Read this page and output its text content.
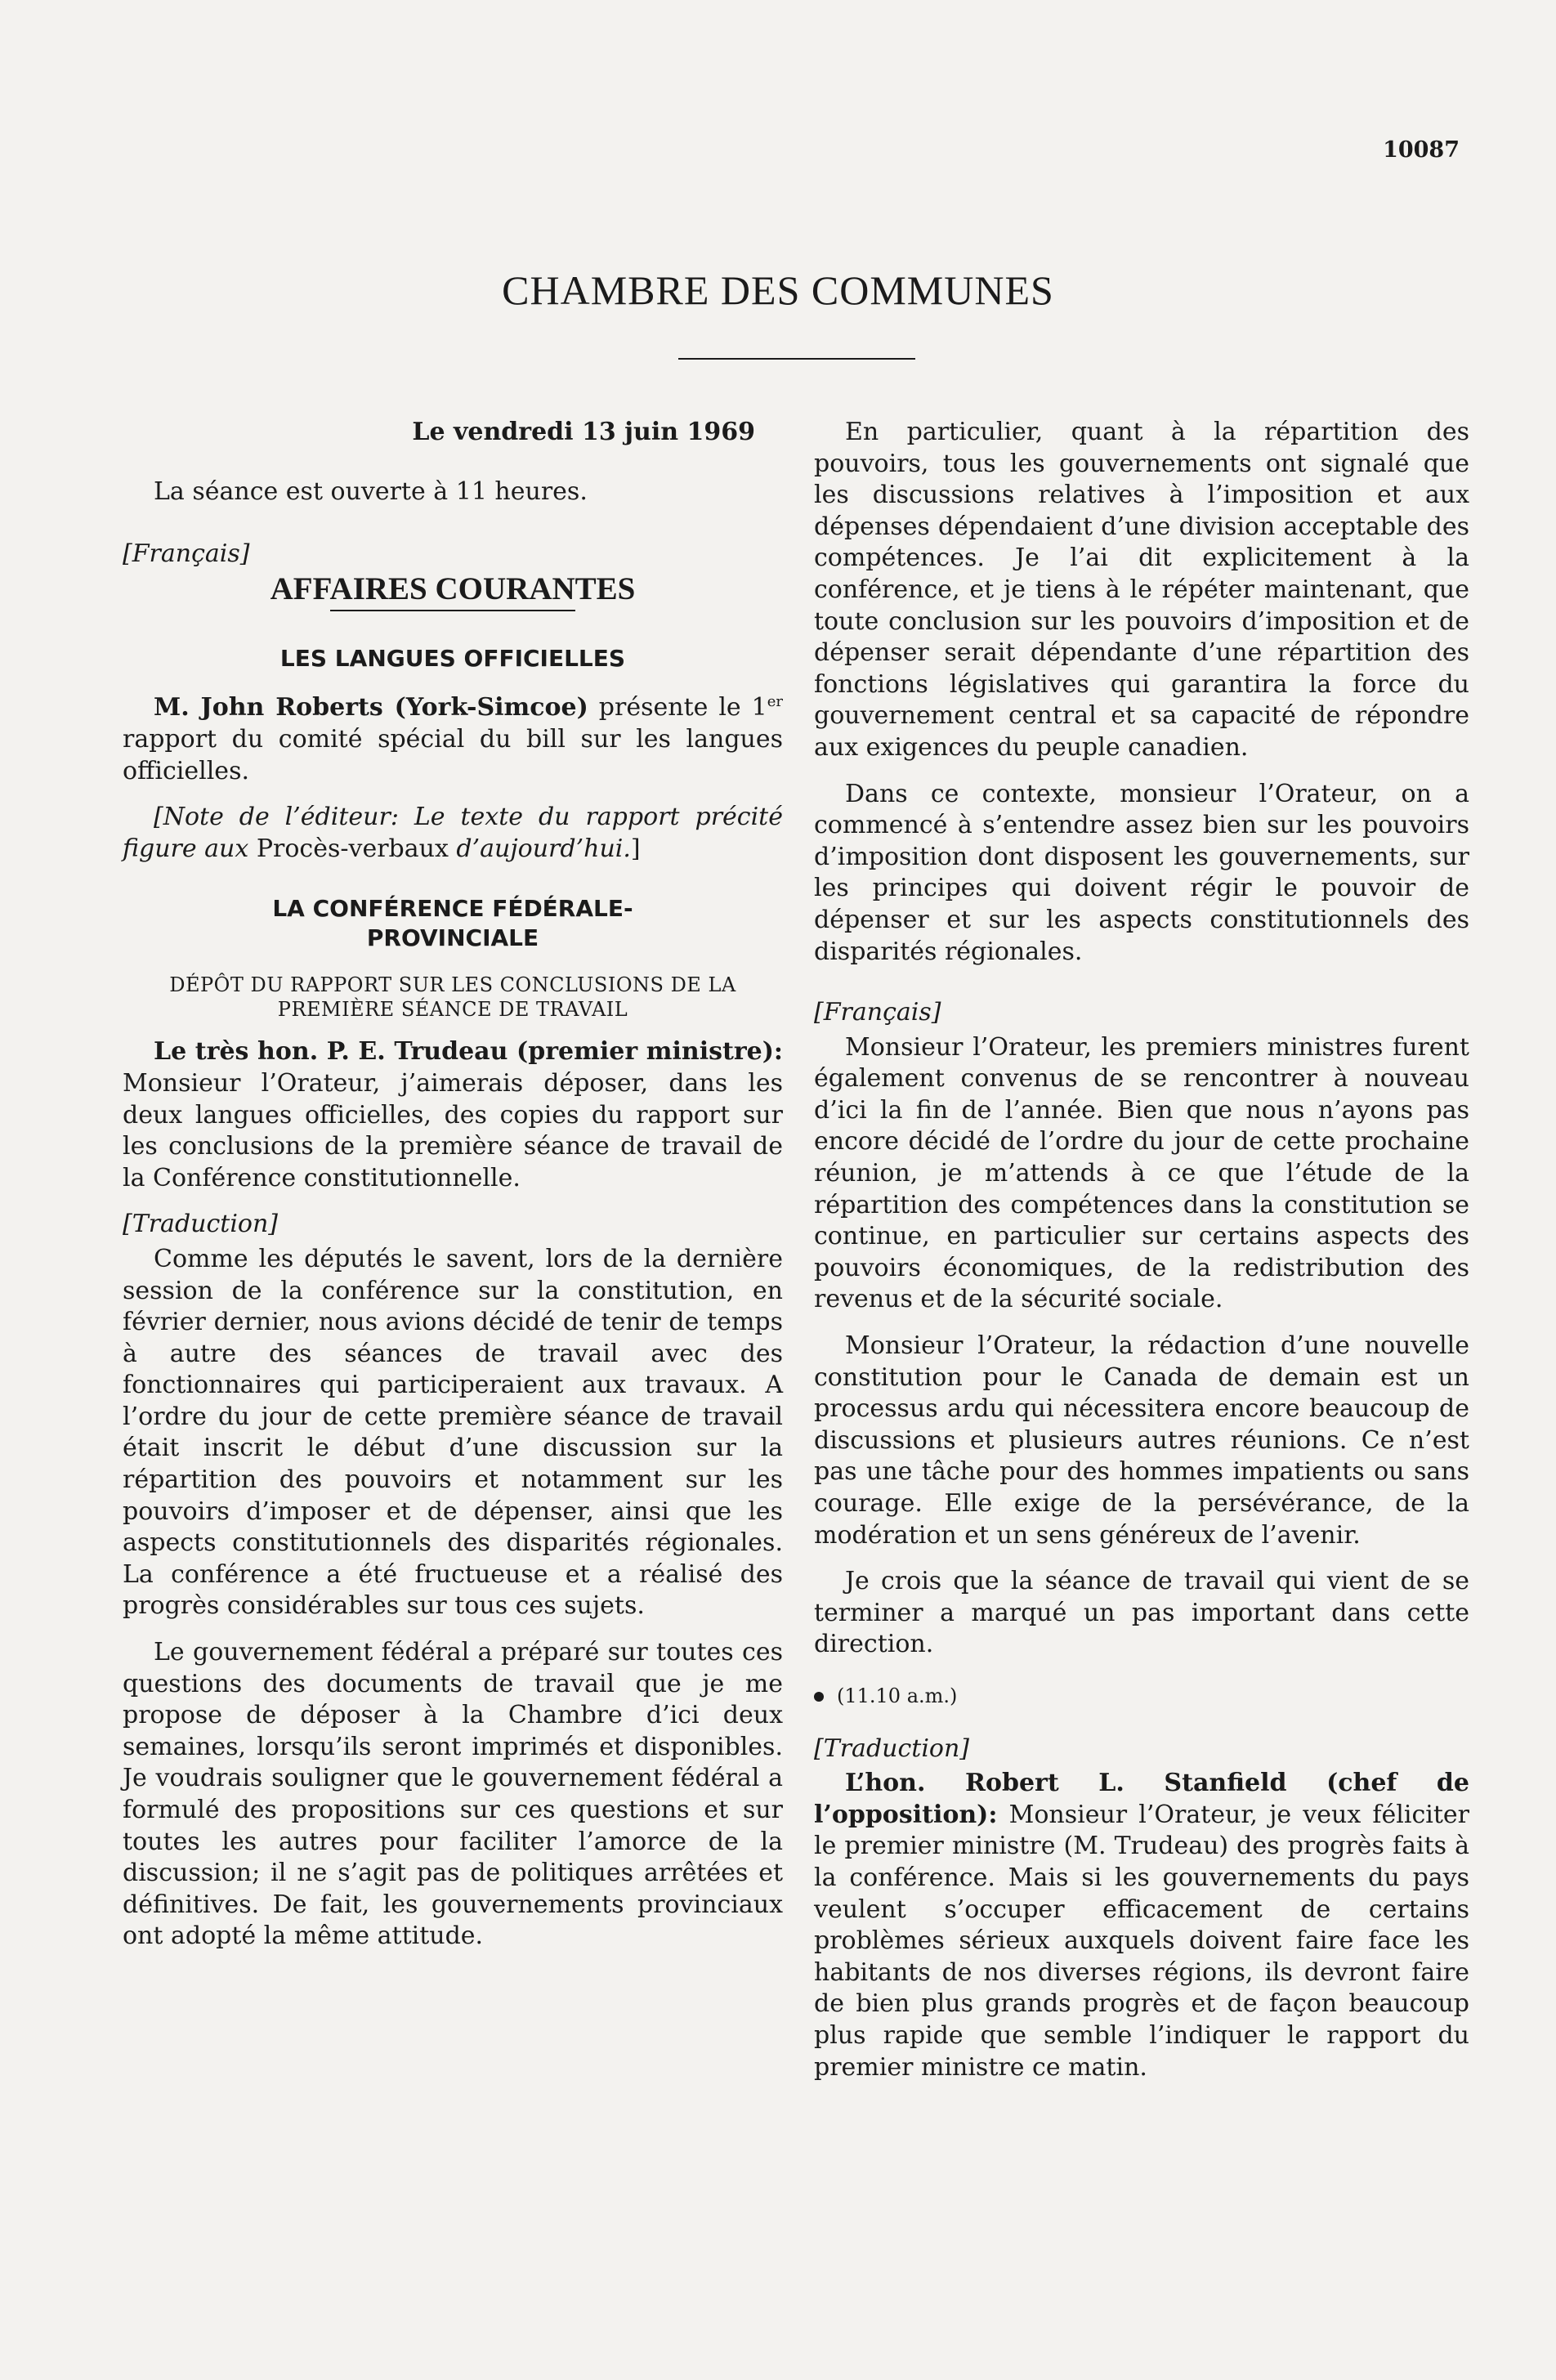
10087
CHAMBRE DES COMMUNES

Le vendredi 13 juin 1969

La séance est ouverte à 11 heures.

[Français]

AFFAIRES COURANTES

LES LANGUES OFFICIELLES

M. John Roberts (York-Simcoe) présente le 1er rapport du comité spécial du bill sur les langues officielles.

[Note de l’éditeur: Le texte du rapport précité figure aux Procès-verbaux d’aujourd’hui.]

LA CONFÉRENCE FÉDÉRALE-PROVINCIALE

DÉPÔT DU RAPPORT SUR LES CONCLUSIONS DE LA PREMIÈRE SÉANCE DE TRAVAIL

Le très hon. P. E. Trudeau (premier ministre): Monsieur l’Orateur, j’aimerais déposer, dans les deux langues officielles, des copies du rapport sur les conclusions de la première séance de travail de la Conférence constitutionnelle.

[Traduction]

Comme les députés le savent, lors de la dernière session de la conférence sur la constitution, en février dernier, nous avions décidé de tenir de temps à autre des séances de travail avec des fonctionnaires qui participeraient aux travaux. A l’ordre du jour de cette première séance de travail était inscrit le début d’une discussion sur la répartition des pouvoirs et notamment sur les pouvoirs d’imposer et de dépenser, ainsi que les aspects constitutionnels des disparités régionales. La conférence a été fructueuse et a réalisé des progrès considérables sur tous ces sujets.

Le gouvernement fédéral a préparé sur toutes ces questions des documents de travail que je me propose de déposer à la Chambre d’ici deux semaines, lorsqu’ils seront imprimés et disponibles. Je voudrais souligner que le gouvernement fédéral a formulé des propositions sur ces questions et sur toutes les autres pour faciliter l’amorce de la discussion; il ne s’agit pas de politiques arrêtées et définitives. De fait, les gouvernements provinciaux ont adopté la même attitude.

En particulier, quant à la répartition des pouvoirs, tous les gouvernements ont signalé que les discussions relatives à l’imposition et aux dépenses dépendaient d’une division acceptable des compétences. Je l’ai dit explicitement à la conférence, et je tiens à le répéter maintenant, que toute conclusion sur les pouvoirs d’imposition et de dépenser serait dépendante d’une répartition des fonctions législatives qui garantira la force du gouvernement central et sa capacité de répondre aux exigences du peuple canadien.

Dans ce contexte, monsieur l’Orateur, on a commencé à s’entendre assez bien sur les pouvoirs d’imposition dont disposent les gouvernements, sur les principes qui doivent régir le pouvoir de dépenser et sur les aspects constitutionnels des disparités régionales.

[Français]

Monsieur l’Orateur, les premiers ministres furent également convenus de se rencontrer à nouveau d’ici la fin de l’année. Bien que nous n’ayons pas encore décidé de l’ordre du jour de cette prochaine réunion, je m’attends à ce que l’étude de la répartition des compétences dans la constitution se continue, en particulier sur certains aspects des pouvoirs économiques, de la redistribution des revenus et de la sécurité sociale.

Monsieur l’Orateur, la rédaction d’une nouvelle constitution pour le Canada de demain est un processus ardu qui nécessitera encore beaucoup de discussions et plusieurs autres réunions. Ce n’est pas une tâche pour des hommes impatients ou sans courage. Elle exige de la persévérance, de la modération et un sens généreux de l’avenir.

Je crois que la séance de travail qui vient de se terminer a marqué un pas important dans cette direction.

(11.10 a.m.)

[Traduction]

L’hon. Robert L. Stanfield (chef de l’opposition): Monsieur l’Orateur, je veux féliciter le premier ministre (M. Trudeau) des progrès faits à la conférence. Mais si les gouvernements du pays veulent s’occuper efficacement de certains problèmes sérieux auxquels doivent faire face les habitants de nos diverses régions, ils devront faire de bien plus grands progrès et de façon beaucoup plus rapide que semble l’indiquer le rapport du premier ministre ce matin.
